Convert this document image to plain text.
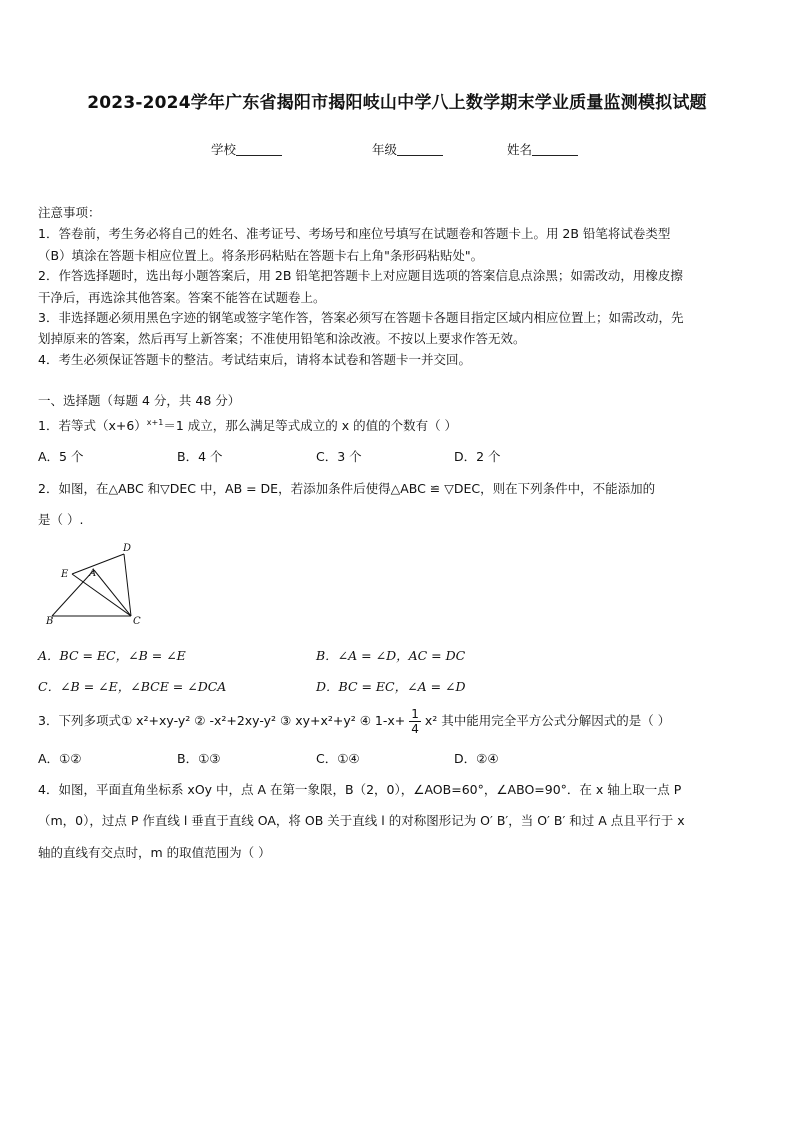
2023-2024学年广东省揭阳市揭阳岐山中学八上数学期末学业质量监测模拟试题
学校	年级	姓名
注意事项：
1．答卷前，考生务必将自己的姓名、准考证号、考场号和座位号填写在试题卷和答题卡上。用 2B 铅笔将试卷类型
（B）填涂在答题卡相应位置上。将条形码粘贴在答题卡右上角"条形码粘贴处"。
2．作答选择题时，选出每小题答案后，用 2B 铅笔把答题卡上对应题目选项的答案信息点涂黑；如需改动，用橡皮擦
干净后，再选涂其他答案。答案不能答在试题卷上。
3．非选择题必须用黑色字迹的钢笔或签字笔作答，答案必须写在答题卡各题目指定区域内相应位置上；如需改动，先
划掉原来的答案，然后再写上新答案；不准使用铅笔和涂改液。不按以上要求作答无效。
4．考生必须保证答题卡的整洁。考试结束后，请将本试卷和答题卡一并交回。
一、选择题（每题 4 分，共 48 分）
1．若等式$(x+6)^{x+1}=1$ 成立，那么满足等式成立的 x 的值的个数有（ ）
A．5 个	B．4 个	C．3 个	D．2 个
2．如图，在△ABC 和▽DEC 中，AB = DE，若添加条件后使得△ABC ≌ ▽DEC，则在下列条件中，不能添加的
是（ ）.
D
E A
B	C
A．BC = EC，∠B = ∠E	B．∠A = ∠D，AC = DC
C．∠B = ∠E，∠BCE = ∠DCA	D．BC = EC，∠A = ∠D
3．下列多项式① x²+xy-y² ② -x²+2xy-y² ③ xy+x²+y² ④ $1-x+ \frac{1}{4} x^2$ 其中能用完全平方公式分解因式的是（ ）
A．①②	B．①③	C．①④	D．②④
4．如图，平面直角坐标系 xOy 中，点 A 在第一象限，B（2，0），∠AOB=60°，∠ABO=90°．在 x 轴上取一点 P
（m，0），过点 P 作直线 l 垂直于直线 OA，将 OB 关于直线 l 的对称图形记为 O′ B′，当 O′ B′ 和过 A 点且平行于 x
轴的直线有交点时，m 的取值范围为（ ）
